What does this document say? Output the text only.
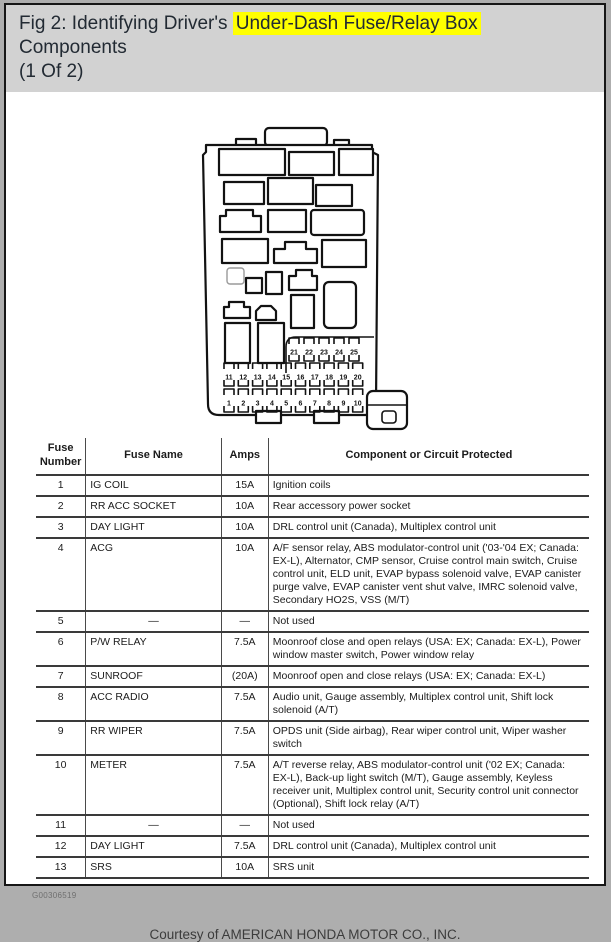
Fig 2: Identifying Driver's Under-Dash Fuse/Relay Box Components
(1 Of 2)
21 22 23 24 25
11 12 13 14 15 16 17 18 19 20
1 2 3 4 5 6 7 8 9 10
Fuse Number	Fuse Name	Amps	Component or Circuit Protected
1	IG COIL	15A	Ignition coils
2	RR ACC SOCKET	10A	Rear accessory power socket
3	DAY LIGHT	10A	DRL control unit (Canada), Multiplex control unit
4	ACG	10A	A/F sensor relay, ABS modulator-control unit ('03-'04 EX; Canada: EX-L), Alternator, CMP sensor, Cruise control main switch, Cruise control unit, ELD unit, EVAP bypass solenoid valve, EVAP canister purge valve, EVAP canister vent shut valve, IMRC solenoid valve, Secondary HO2S, VSS (M/T)
5	—	—	Not used
6	P/W RELAY	7.5A	Moonroof close and open relays (USA: EX; Canada: EX-L), Power window master switch, Power window relay
7	SUNROOF	(20A)	Moonroof open and close relays (USA: EX; Canada: EX-L)
8	ACC RADIO	7.5A	Audio unit, Gauge assembly, Multiplex control unit, Shift lock solenoid (A/T)
9	RR WIPER	7.5A	OPDS unit (Side airbag), Rear wiper control unit, Wiper washer switch
10	METER	7.5A	A/T reverse relay, ABS modulator-control unit ('02 EX; Canada: EX-L), Back-up light switch (M/T), Gauge assembly, Keyless receiver unit, Multiplex control unit, Security control unit connector (Optional), Shift lock relay (A/T)
11	—	—	Not used
12	DAY LIGHT	7.5A	DRL control unit (Canada), Multiplex control unit
13	SRS	10A	SRS unit
G00306519
Courtesy of AMERICAN HONDA MOTOR CO., INC.
